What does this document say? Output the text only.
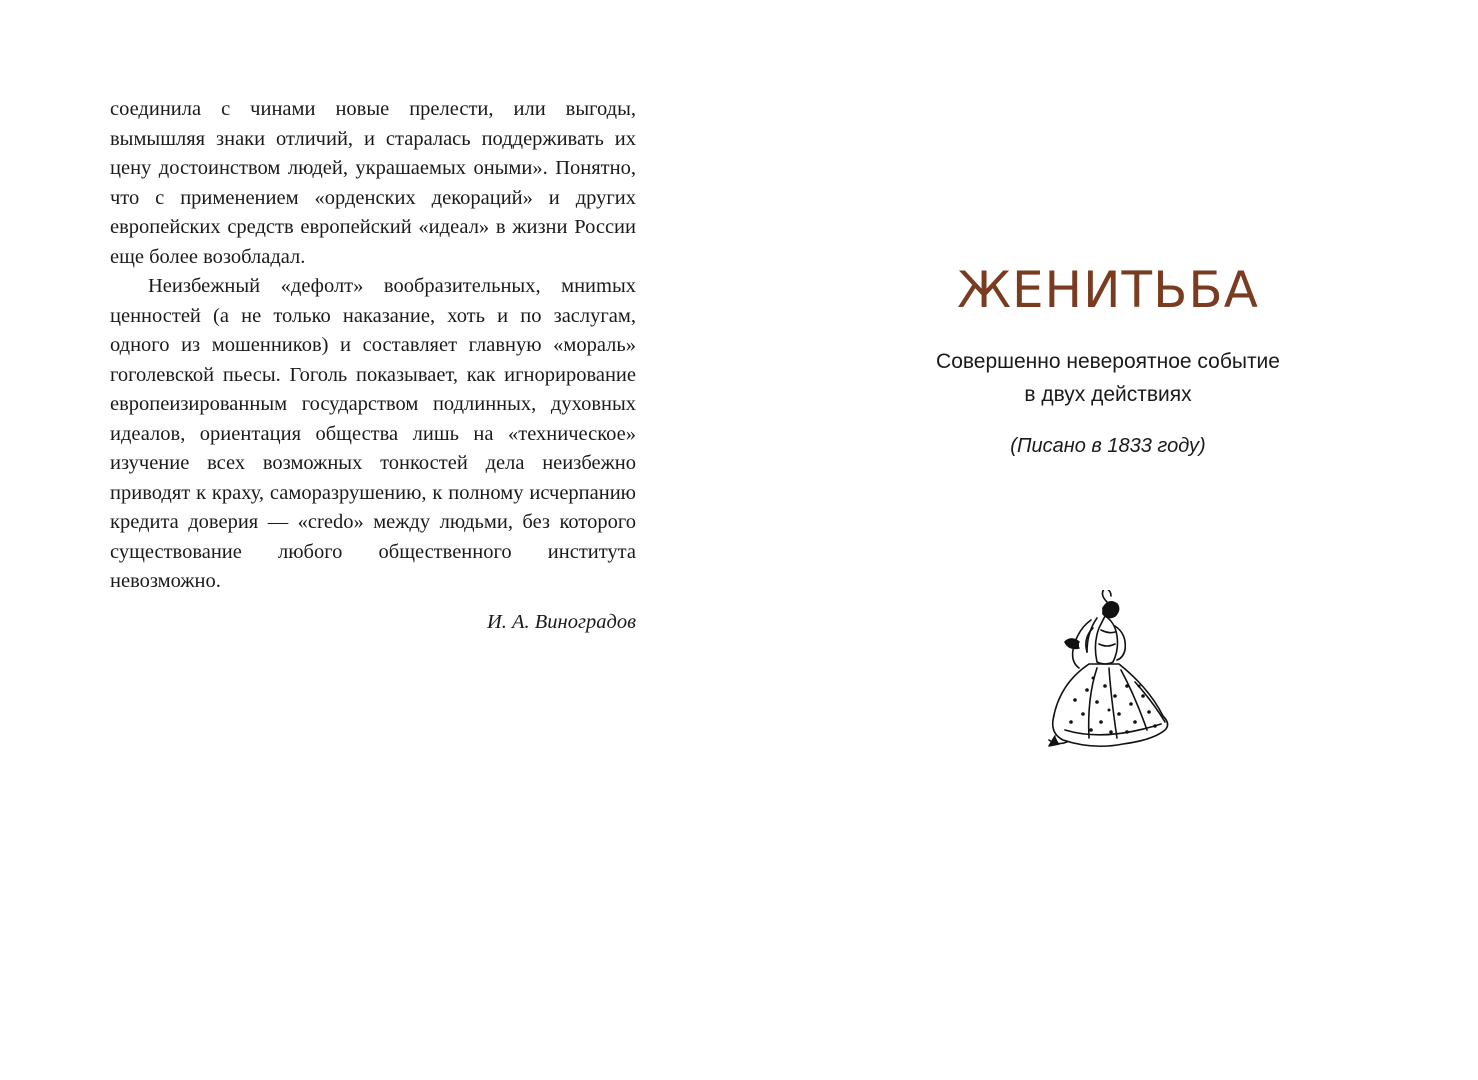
соединила с чинами новые прелести, или выгоды, вымышляя знаки отличий, и старалась поддерживать их цену достоинством людей, украшаемых оными». Понятно, что с применением «орденских декораций» и других европейских средств европейский «идеал» в жизни России еще более возобладал.

Неизбежный «дефолт» вообразительных, мниmых ценностей (а не только наказание, хоть и по заслугам, одного из мошенников) и составляет главную «мораль» гоголевской пьесы. Гоголь показывает, как игнорирование европеизированным государством подлинных, духовных идеалов, ориентация общества лишь на «техническое» изучение всех возможных тонкостей дела неизбежно приводят к краху, саморазрушению, к полному исчерпанию кредита доверия — «credo» между людьми, без которого существование любого общественного института невозможно.

И. А. Виноградов

ЖЕНИТЬБА
Совершенно невероятное событие
в двух действиях
(Писано в 1833 году)
